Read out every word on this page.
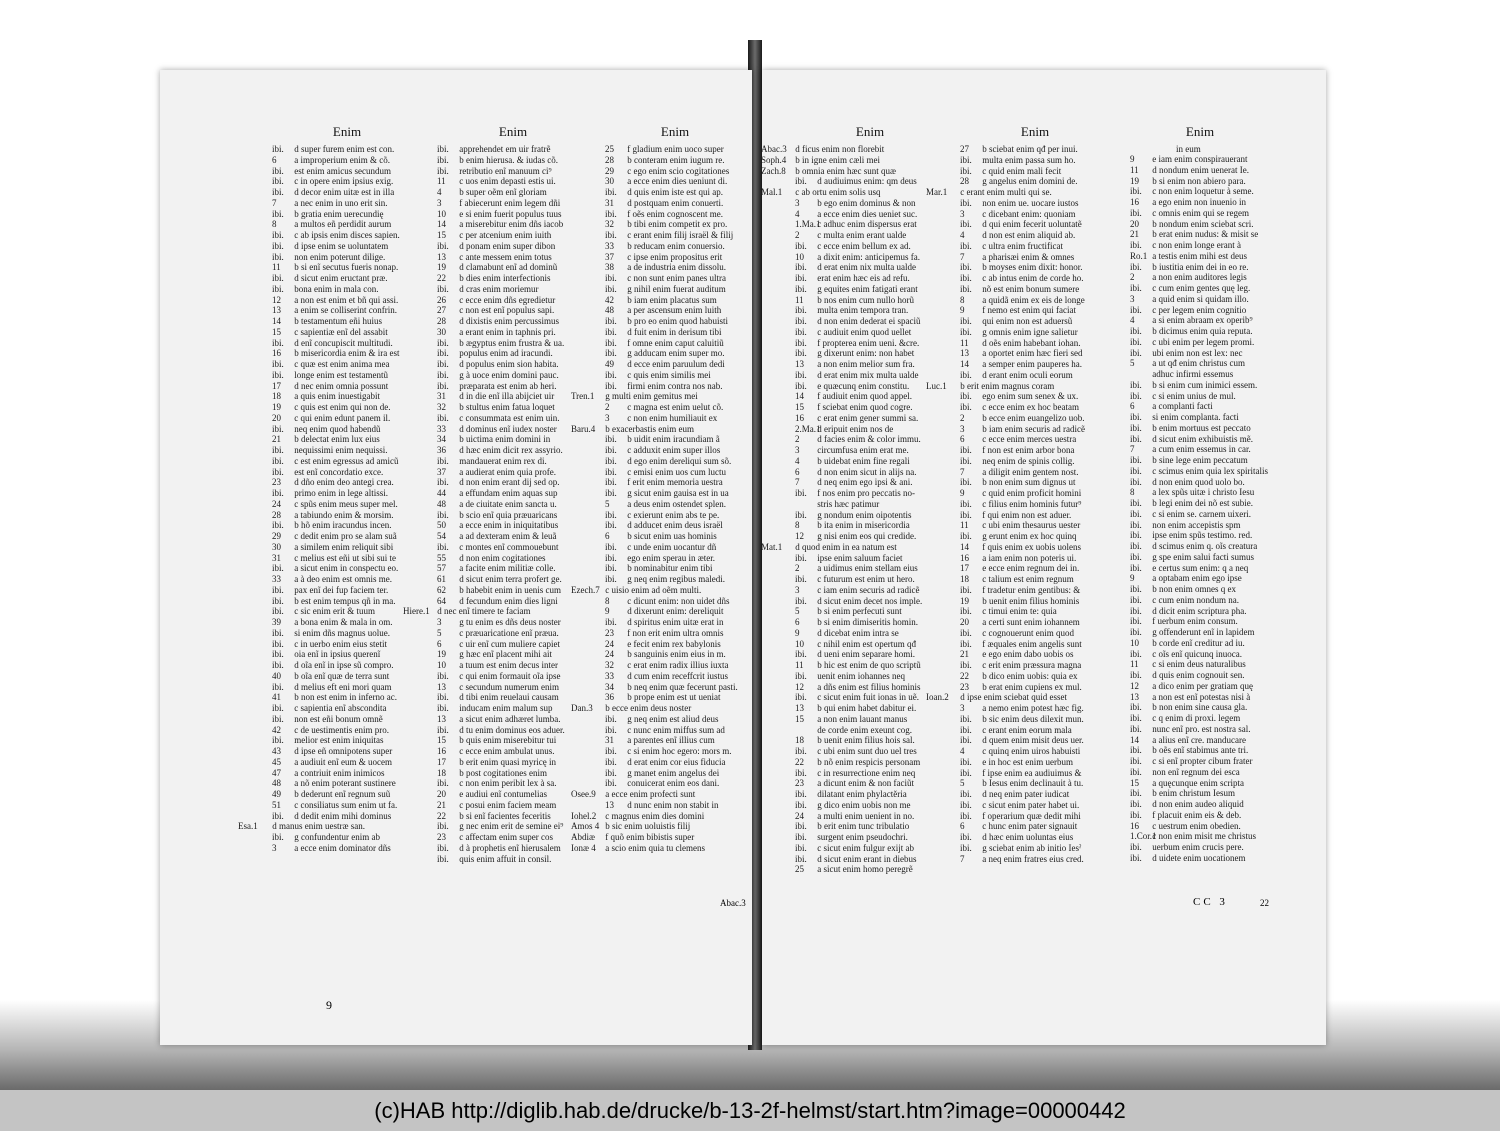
9
Abac.3	CC 3	22
Enim
ibi. d super furem enim est con.
6 a improperium enim & cõ.
ibi. est enim amicus secundum
ibi. c in opere enim ipsius exig.
ibi. d decor enim uitæ est in illa
7 a nec enim in uno erit sin.
ibi. b gratia enim uerecundię
8 a multos eñ perdidit aurum
ibi. c ab ipsis enim disces sapien.
ibi. d ipse enim se uoluntatem
ibi. non enim poterunt dilige.
11 b si enĩ secutus fueris nonap.
ibi. d sicut enim eructant præ.
ibi. bona enim in mala con.
12 a non est enim et bñ qui assi.
13 a enim se colliserint confrin.
14 b testamentum eñi huius
15 c sapientiæ enĩ del assabit
ibi. d enĩ concupiscit multitudi.
16 b misericordia enim & ira est
ibi. c quæ est enim anima mea
ibi. longe enim est testamentũ
17 d nec enim omnia possunt
18 a quis enim inuestigabit
19 c quis est enim qui non de.
20 c qui enim edunt panem il.
ibi. neq enim quod habendũ
21 b delectat enim lux eius
ibi. nequissimi enim nequissi.
ibi. c est enim egressus ad amicũ
ibi. est enĩ concordatio exce.
23 d dño enim deo antegi crea.
ibi. primo enim in lege altissi.
24 c spũs enim meus super mel.
28 a tabiundo enim & morsim.
ibi. b hõ enim iracundus incen.
29 c dedit enim pro se alam suã
30 a similem enim reliquit sibi
31 c melius est eñi ut sibi sui te
ibi. a sicut enim in conspectu eo.
33 a à deo enim est omnis me.
ibi. pax enĩ dei fup faciem ter.
ibi. b est enim tempus qñ in ma.
ibi. c sic enim erit & tuum
39 a bona enim & mala in om.
ibi. si enim dñs magnus uolue.
ibi. c in uerbo enim eius stetit
ibi. oia enĩ in ipsius querenĩ
ibi. d oĩa enĩ in ipse sũ compro.
40 b oĩa enĩ quæ de terra sunt
ibi. d melius eft eni mori quam
41 b non est enim in inferno ac.
ibi. c sapientia enĩ abscondita
ibi. non est eñi bonum omnẽ
42 c de uestimentis enim pro.
ibi. melior est enim iniquitas
43 d ipse eñ omnipotens super
45 a audiuit enĩ eum & uocem
47 a contriuit enim inimicos
48 a nõ enim poterant sustinere
49 b dederunt enĩ regnum suũ
51 c consiliatus sum enim ut fa.
ibi. d dedit enim mihi dominus
Esa.1 d manus enim uestræ san.
ibi. g confundentur enim ab
3 a ecce enim dominator dñs
Enim
ibi. apprehendet em uir fratrẽ
ibi. b enim hierusa. & iudas cõ.
ibi. retributio enĩ manuum ci⁹
11 c uos enim depasti estis ui.
4 b super oẽm enĩ gloriam
3 f abiecerunt enim legem dñi
10 e si enim fuerit populus tuus
14 a miserebitur enim dñs iacob
15 c per atcenium enim iuith
ibi. d ponam enim super dibon
13 c ante messem enim totus
19 d clamabunt enĩ ad dominũ
22 b dies enim interfectionis
ibi. d cras enim moriemur
26 c ecce enim dñs egredietur
27 c non est enĩ populus sapi.
28 d dixistis enim percussimus
30 a erant enim in taphnis pri.
ibi. b ægyptus enim frustra & ua.
ibi. populus enim ad iracundi.
ibi. d populus enim sion habita.
ibi. g à uoce enim domini pauc.
ibi. præparata est enim ab heri.
31 d in die enĩ illa abijciet uir
32 b stultus enim fatua loquet
ibi. c consummata est enim uin.
33 d dominus enĩ iudex noster
34 b uictima enim domini in
36 d hæc enim dicit rex assyrio.
ibi. mandauerat enim rex di.
37 a audierat enim quia profe.
ibi. d non enim erant dij sed op.
44 a effundam enim aquas sup
48 a de ciuitate enim sancta u.
ibi. b scio enĩ quia præuaricans
50 a ecce enim in iniquitatibus
54 a ad dexteram enim & leuã
ibi. c montes enĩ commouebunt
55 d non enim cogitationes
57 a facite enim militiæ colle.
61 d sicut enim terra profert ge.
62 b habebit enim in uenis cum
64 d fecundum enim dies ligni
Hiere.1 d nec enĩ timere te faciam
3 g tu enim es dñs deus noster
5 c præuaricatione enĩ præua.
6 c uir enĩ cum muliere capiet
19 g hæc enĩ placent mihi ait
10 a tuum est enim decus inter
ibi. c qui enim formauit oĩa ipse
13 c secundum numerum enim
ibi. d tibi enim reuelaui causam
ibi. inducam enim malum sup
13 a sicut enim adhæret lumba.
ibi. d tu enim dominus eos aduer.
15 b quis enim miserebitur tui
16 c ecce enim ambulat unus.
17 b erit enim quasi myricę in
18 b post cogitationes enim
ibi. c non enim peribit lex à sa.
20 e audiui enĩ contumelias
21 c posui enim faciem meam
22 b si enĩ facientes feceritis
ibi. g nec enim erit de semine ei⁹
23 c affectam enim super cos
ibi. d à prophetis enĩ hierusalem
ibi. quis enim affuit in consil.
Enim
25 f gladium enim uoco super
28 b conteram enim iugum re.
29 c ego enim scio cogitationes
30 a ecce enim dies ueniunt di.
ibi. d quis enim iste est qui ap.
31 d postquam enim conuerti.
ibi. f oẽs enim cognoscent me.
32 b tibi enim competit ex pro.
ibi. c erant enim filij israël & filij
33 b reducam enim conuersio.
37 c ipse enim propositus erit
38 a de industria enim dissolu.
ibi. c non sunt enim panes ultra
ibi. g nihil enim fuerat auditum
42 b iam enim placatus sum
48 a per ascensum enim luith
ibi. b pro eo enim quod habuisti
ibi. d fuit enim in derisum tibi
ibi. f omne enim caput caluitiũ
ibi. g adducam enim super mo.
49 d ecce enim paruulum dedi
ibi. c quis enim similis mei
ibi. firmi enim contra nos nab.
Tren.1 g multi enim gemitus mei
2 c magna est enim uelut cõ.
3 c non enim humiliauit ex
Baru.4 b exacerbastis enim eum
ibi. b uidit enim iracundiam ã
ibi. c adduxit enim super illos
ibi. d ego enim dereliqui sum sõ.
ibi. c emisi enim uos cum luctu
ibi. f erit enim memoria uestra
ibi. g sicut enim gauisa est in ua
5 a deus enim ostendet splen.
ibi. c exierunt enim abs te pe.
ibi. d adducet enim deus israël
6 b sicut enim uas hominis
ibi. c unde enim uocantur dñ
ibi. ego enim sperau in æter.
ibi. b nominabitur enim tibi
ibi. g neq enim regibus maledi.
Ezech.7 c uisio enim ad oẽm multi.
8 c dicunt enim: non uidet dñs
9 d dixerunt enim: dereliquit
ibi. d spiritus enim uitæ erat in
23 f non erit enim ultra omnis
24 e fecit enim rex babylonis
24 b sanguinis enim eius in m.
32 c erat enim radix illius iuxta
33 d cum enim receffcrit iustus
34 b neq enim quæ fecerunt pasti.
36 b prope enim est ut ueniat
Dan.3 b ecce enim deus noster
ibi. g neq enim est aliud deus
ibi. c nunc enim miffus sum ad
31 a parentes enĩ illius cum
ibi. c si enim hoc egero: mors m.
ibi. d erat enim cor eius fiducia
ibi. g manet enim angelus dei
ibi. conuicerat enim eos dani.
Osee.9 a ecce enim profecti sunt
13 d nunc enim non stabit in
Iohel.2 c magnus enim dies domini
Amos 4 b sic enim uoluistis filij
Abdiæ f quõ enim bibistis super
Ionæ 4 a scio enim quia tu clemens
Enim
Abac.3 d ficus enim non florebit
Soph.4 b in igne enim cæli mei
Zach.8 b omnia enim hæc sunt quæ
ibi. d audiuimus enim: qm deus
Mal.1 c ab ortu enim solis usq
3 b ego enim dominus & non
4 a ecce enim dies ueniet suc.
1.Ma.1 c adhuc enim dispersus erat
2 c multa enim erant ualde
ibi. c ecce enim bellum ex ad.
10 a dixit enim: anticipemus fa.
ibi. d erat enim nix multa ualde
ibi. erat enim hæc eis ad refu.
ibi. g equites enim fatigati erant
11 b nos enim cum nullo horũ
ibi. multa enim tempora tran.
ibi. d non enim dederat ei spaciũ
ibi. c audiuit enim quod uellet
ibi. f propterea enim ueni. &cre.
ibi. g dixerunt enim: non habet
13 a non enim melior sum fra.
ibi. d erat enim mix multa ualde
ibi. e quæcunq enim constitu.
14 f audiuit enim quod appel.
15 f sciebat enim quod cogre.
16 c erat enim gener summi sa.
2.Ma.1 d eripuit enim nos de
2 d facies enim & color immu.
3 circumfusa enim erat me.
4 b uidebat enim fine regali
6 d non enim sicut in alijs na.
7 d neq enim ego ipsi & ani.
ibi. f nos enim pro peccatis no-
stris hæc patimur
ibi. g nondum enim oipotentis
8 b ita enim in misericordia
12 g nisi enim eos qui credide.
Mat.1 d quod enim in ea natum est
ibi. ipse enim saluum faciet
2 a uidimus enim stellam eius
ibi. c futurum est enim ut hero.
3 c iam enim securis ad radicẽ
ibi. d sicut enim decet nos imple.
5 b si enim perfecuti sunt
6 b si enim dimiseritis homin.
9 d dicebat enim intra se
10 c nihil enim est opertum qđ
ibi. d ueni enim separare homi.
11 b hic est enim de quo scriptũ
ibi. uenit enim iohannes neq
12 a dñs enim est filius hominis
ibi. c sicut enim fuit ionas in uẽ.
13 b qui enim habet dabitur ei.
15 a non enim lauant manus
de corde enim exeunt cog.
18 b uenit enim filius hois sal.
ibi. c ubi enim sunt duo uel tres
22 b nõ enim respicis personam
ibi. c in resurrectione enim neq
23 a dicunt enim & non faciũt
ibi. dilatant enim phylactĕria
ibi. g dico enim uobis non me
24 a multi enim uenient in no.
ibi. b erit enim tunc tribulatio
ibi. surgent enim pseudochri.
ibi. c sicut enim fulgur exijt ab
ibi. d sicut enim erant in diebus
25 a sicut enim homo peregrẽ
Enim
27 b sciebat enim qđ per inui.
ibi. multa enim passa sum ho.
ibi. c quid enim mali fecit
28 g angelus enim domini de.
Mar.1 c erant enim multi qui se.
ibi. non enim ue. uocare iustos
3 c dicebant enim: quoniam
ibi. d qui enim fecerit uoluntatẽ
4 d non est enim aliquid ab.
ibi. c ultra enim fructificat
7 a pharisæi enim & omnes
ibi. b moyses enim dixit: honor.
ibi. c ab intus enim de corde ho.
ibi. nõ est enim bonum sumere
8 a quidã enim ex eis de longe
9 f nemo est enim qui faciat
ibi. qui enim non est aduersũ
ibi. g omnis enim igne salietur
11 d oẽs enim habebant iohan.
13 a oportet enim hæc fieri sed
14 a semper enim pauperes ha.
ibi. d erant enim oculi eorum
Luc.1 b erit enim magnus coram
ibi. ego enim sum senex & ux.
ibi. c ecce enim ex hoc beatam
2 b ecce enim euangelizo uob.
3 b iam enim securis ad radicẽ
6 c ecce enim merces uestra
ibi. f non est enim arbor bona
ibi. neq enim de spinis collig.
7 a diligit enim gentem nost.
ibi. b non enim sum dignus ut
9 c quid enim proficit homini
ibi. c filius enim hominis futur⁹
ibi. f qui enim non est aduer.
11 c ubi enim thesaurus uester
ibi. g erunt enim ex hoc quinq
14 f quis enim ex uobis uolens
16 a iam enim non poteris ui.
17 e ecce enim regnum dei in.
18 c talium est enim regnum
ibi. f tradetur enim gentibus: &
19 b uenit enim filius hominis
ibi. c timui enim te: quia
20 a certi sunt enim iohannem
ibi. c cognouerunt enim quod
ibi. f æquales enim angelis sunt
21 e ego enim dabo uobis os
ibi. c erit enim præssura magna
22 b dico enim uobis: quia ex
23 b erat enim cupiens ex mul.
Ioan.2 d ipse enim sciebat quid esset
3 a nemo enim potest hæc fig.
ibi. b sic enim deus dilexit mun.
ibi. c erant enim eorum mala
ibi. d quem enim misit deus uer.
4 c quinq enim uiros habuisti
ibi. e in hoc est enim uerbum
ibi. f ipse enim ea audiuimus &
5 b Iesus enim declinauit à tu.
ibi. d neq enim pater iudicat
ibi. c sicut enim pater habet ui.
ibi. f operarium quæ dedit mihi
6 c hunc enim pater signauit
ibi. d hæc enim uoluntas eius
ibi. g sciebat enim ab initio Iesˀ
7 a neq enim fratres eius cred.
Enim
in eum
9 e iam enim conspirauerant
11 d nondum enim uenerat Ie.
19 b si enim non abiero para.
ibi. c non enim loquetur à seme.
16 a ego enim non inuenio in
ibi. c omnis enim qui se regem
20 b nondum enim sciebat scri.
21 b erat enim nudus: & misit se
ibi. c non enim longe erant à
Ro.1 a testis enim mihi est deus
ibi. b iustitia enim dei in eo re.
2 a non enim auditores legis
ibi. c cum enim gentes quę leg.
3 a quid enim si quidam illo.
ibi. c per legem enim cognitio
4 a si enim abraam ex operib⁹
ibi. b dicimus enim quia reputa.
ibi. c ubi enim per legem promi.
ibi. ubi enim non est lex: nec
5 a ut qđ enim christus cum
adhuc infirmi essemus
ibi. b si enim cum inimici essem.
ibi. c si enim unius de mul.
6 a complanti facti
ibi. si enim complanta. facti
ibi. b enim mortuus est peccato
ibi. d sicut enim exhibuistis mẽ.
7 a cum enim essemus in car.
ibi. b sine lege enim peccatum
ibi. c scimus enim quia lex spiritalis
ibi. d non enim quod uolo bo.
8 a lex spũs uitæ i christo Iesu
ibi. b legi enim dei nõ est subie.
ibi. c si enim se. carnem uixeri.
ibi. non enim accepistis spm
ibi. ipse enim spũs testimo. red.
ibi. d scimus enim q. oĩs creatura
ibi. g spe enim salui facti sumus
ibi. e certus sum enim: q a neq
9 a optabam enim ego ipse
ibi. b non enim omnes q ex
ibi. c cum enim nondum na.
ibi. d dicit enim scriptura pha.
ibi. f uerbum enim consum.
ibi. g offenderunt enĩ in lapidem
10 b corde enĩ creditur ad iu.
ibi. c oĩs enĩ quicunq inuoca.
11 c si enim deus naturalibus
ibi. d quis enim cognouit sen.
12 a dico enim per gratiam quę
13 a non est enĩ potestas nisi à
ibi. b non enim sine causa gla.
ibi. c q enim di proxi. legem
ibi. nunc enĩ pro. est nostra sal.
14 a alius enĩ cre. manducare
ibi. b oẽs enĩ stabimus ante tri.
ibi. c si enĩ propter cibum frater
ibi. non enĩ regnum dei esca
15 a quęcunque enim scripta
ibi. b enim christum Iesum
ibi. d non enim audeo aliquid
ibi. f placuit enim eis & deb.
16 c uestrum enim obedien.
1.Cor.1 c non enim misit me christus
ibi. uerbum enim crucis pere.
ibi. d uidete enim uocationem
(c)HAB http://diglib.hab.de/drucke/b-13-2f-helmst/start.htm?image=00000442
